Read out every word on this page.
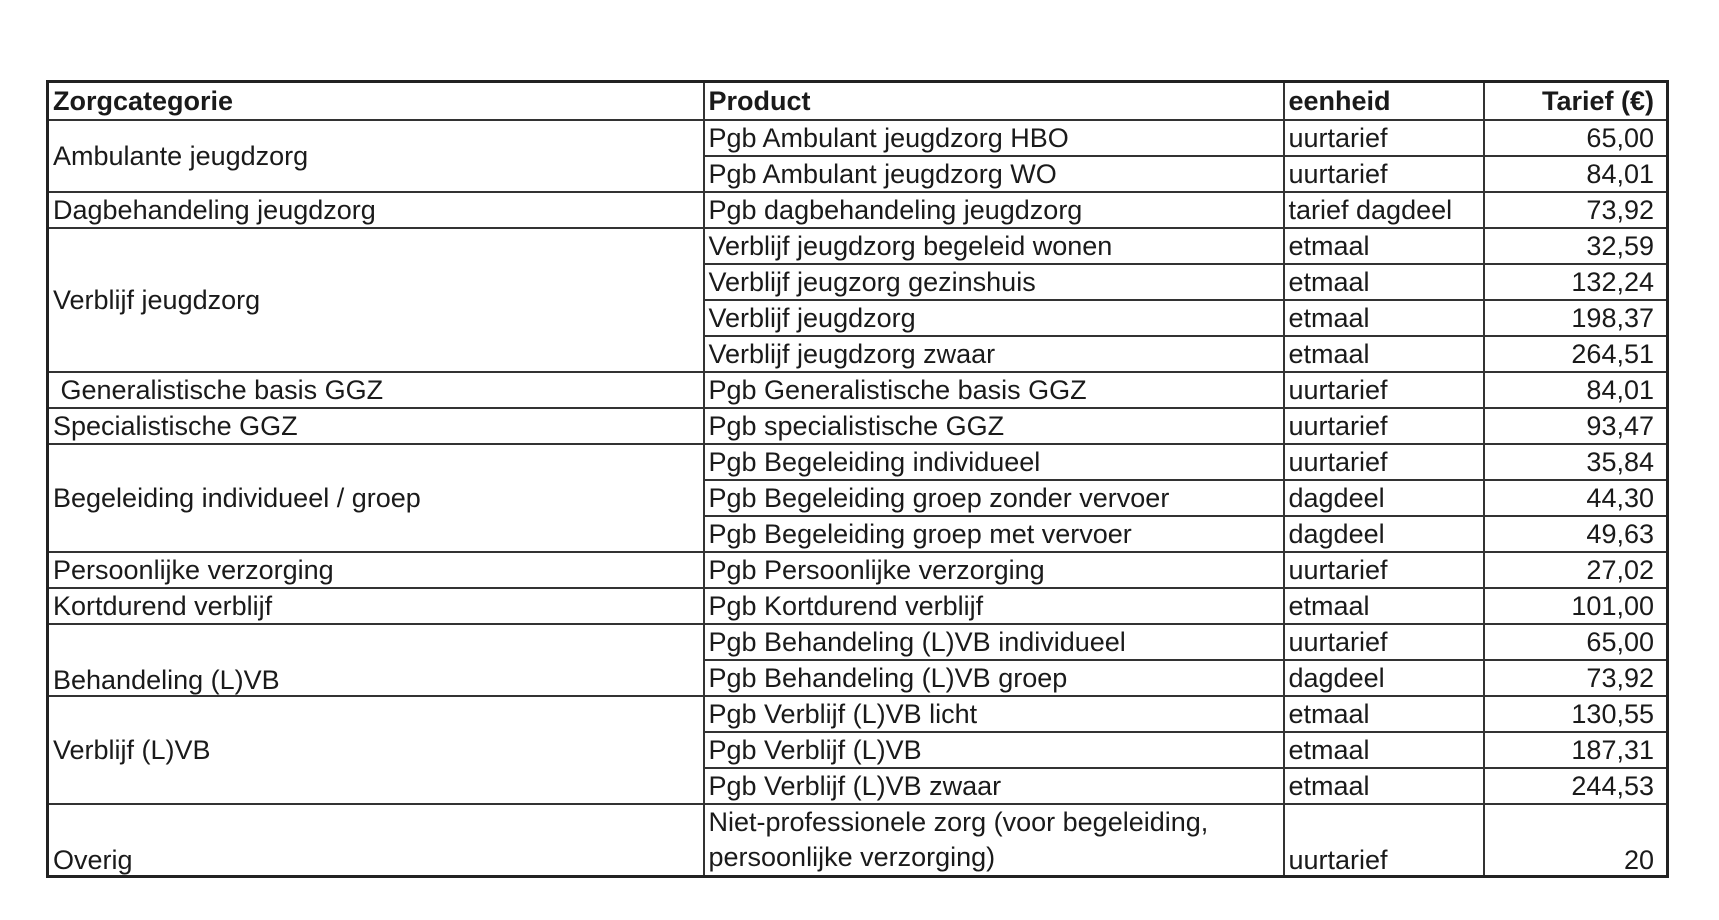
Zorgcategorie	Product	eenheid	Tarief (€)
Ambulante jeugdzorg	Pgb Ambulant jeugdzorg HBO	uurtarief	65,00
	Pgb Ambulant jeugdzorg WO	uurtarief	84,01
Dagbehandeling jeugdzorg	Pgb dagbehandeling jeugdzorg	tarief dagdeel	73,92
Verblijf jeugdzorg	Verblijf jeugdzorg begeleid wonen	etmaal	32,59
	Verblijf jeugzorg gezinshuis	etmaal	132,24
	Verblijf jeugdzorg	etmaal	198,37
	Verblijf jeugdzorg zwaar	etmaal	264,51
Generalistische basis GGZ	Pgb Generalistische basis GGZ	uurtarief	84,01
Specialistische GGZ	Pgb specialistische GGZ	uurtarief	93,47
Begeleiding individueel / groep	Pgb Begeleiding individueel	uurtarief	35,84
	Pgb Begeleiding groep zonder vervoer	dagdeel	44,30
	Pgb Begeleiding groep met vervoer	dagdeel	49,63
Persoonlijke verzorging	Pgb Persoonlijke verzorging	uurtarief	27,02
Kortdurend verblijf	Pgb Kortdurend verblijf	etmaal	101,00
Behandeling (L)VB	Pgb Behandeling (L)VB individueel	uurtarief	65,00
	Pgb Behandeling (L)VB groep	dagdeel	73,92
Verblijf (L)VB	Pgb Verblijf (L)VB licht	etmaal	130,55
	Pgb Verblijf (L)VB	etmaal	187,31
	Pgb Verblijf (L)VB zwaar	etmaal	244,53
Overig	Niet-professionele zorg (voor begeleiding, persoonlijke verzorging)	uurtarief	20
